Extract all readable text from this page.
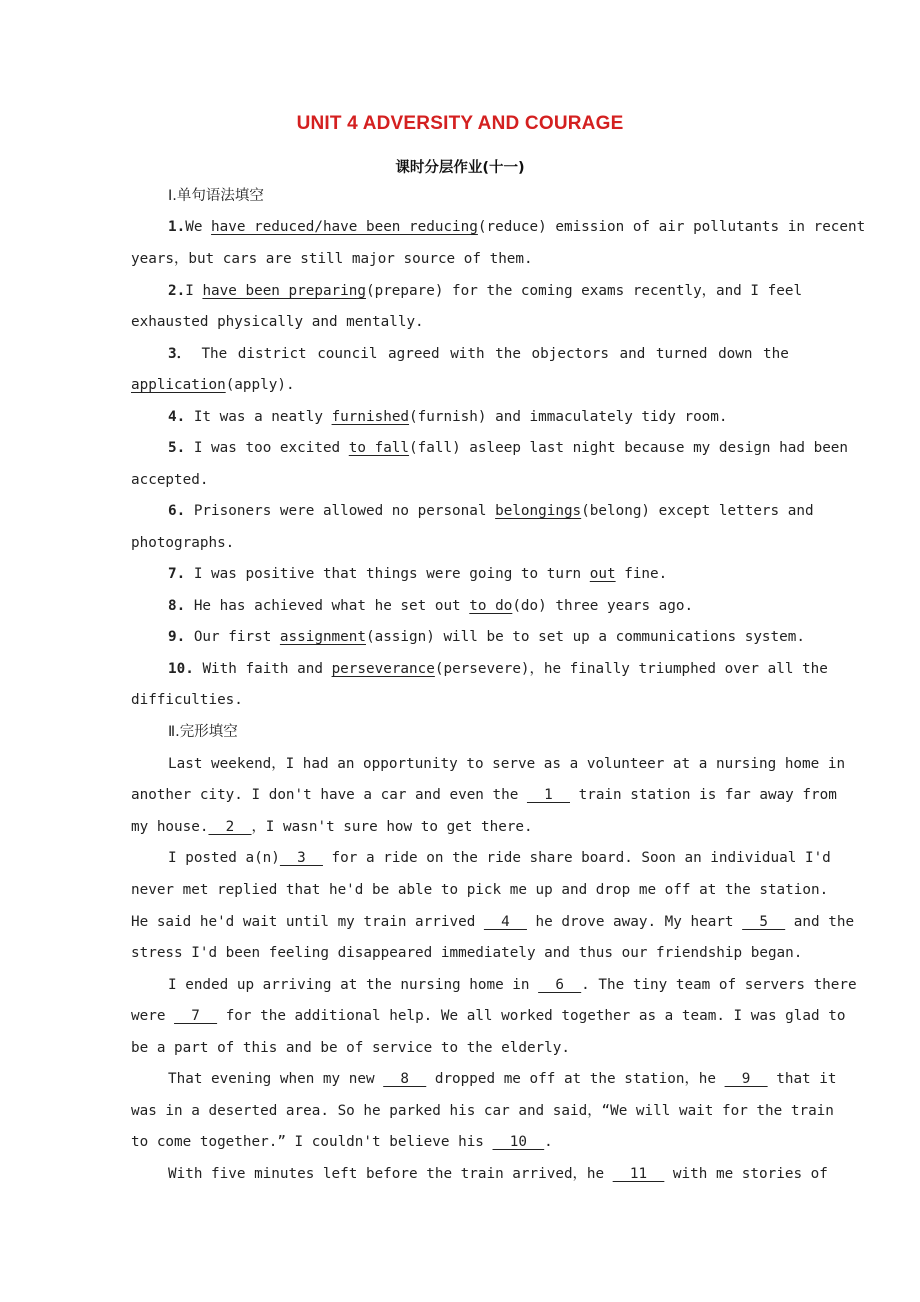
UNIT 4 ADVERSITY AND COURAGE
课时分层作业(十一)
Ⅰ.单句语法填空
1.We have reduced/have been reducing(reduce) emission of air pollutants in recent
years，but cars are still major source of them.
2.I have been preparing(prepare) for the coming exams recently，and I feel
exhausted physically and mentally.
3． The district council agreed with the objectors and turned down the
application(apply).
4. It was a neatly furnished(furnish) and immaculately tidy room.
5. I was too excited to fall(fall) asleep last night because my design had been
accepted.
6. Prisoners were allowed no personal belongings(belong) except letters and
photographs.
7. I was positive that things were going to turn out fine.
8. He has achieved what he set out to do(do) three years ago.
9. Our first assignment(assign) will be to set up a communications system.
10. With faith and perseverance(persevere)，he finally triumphed over all the
difficulties.
Ⅱ.完形填空
Last weekend，I had an opportunity to serve as a volunteer at a nursing home in
another city. I don't have a car and even the   1   train station is far away from
my house.  2  ，I wasn't sure how to get there.
I posted a(n)  3   for a ride on the ride share board. Soon an individual I'd
never met replied that he'd be able to pick me up and drop me off at the station.
He said he'd wait until my train arrived   4   he drove away. My heart   5   and the
stress I'd been feeling disappeared immediately and thus our friendship began.
I ended up arriving at the nursing home in   6  . The tiny team of servers there
were   7   for the additional help. We all worked together as a team. I was glad to
be a part of this and be of service to the elderly.
That evening when my new   8   dropped me off at the station，he   9   that it
was in a deserted area. So he parked his car and said，“We will wait for the train
to come together.” I couldn't believe his   10  .
With five minutes left before the train arrived，he   11   with me stories of
